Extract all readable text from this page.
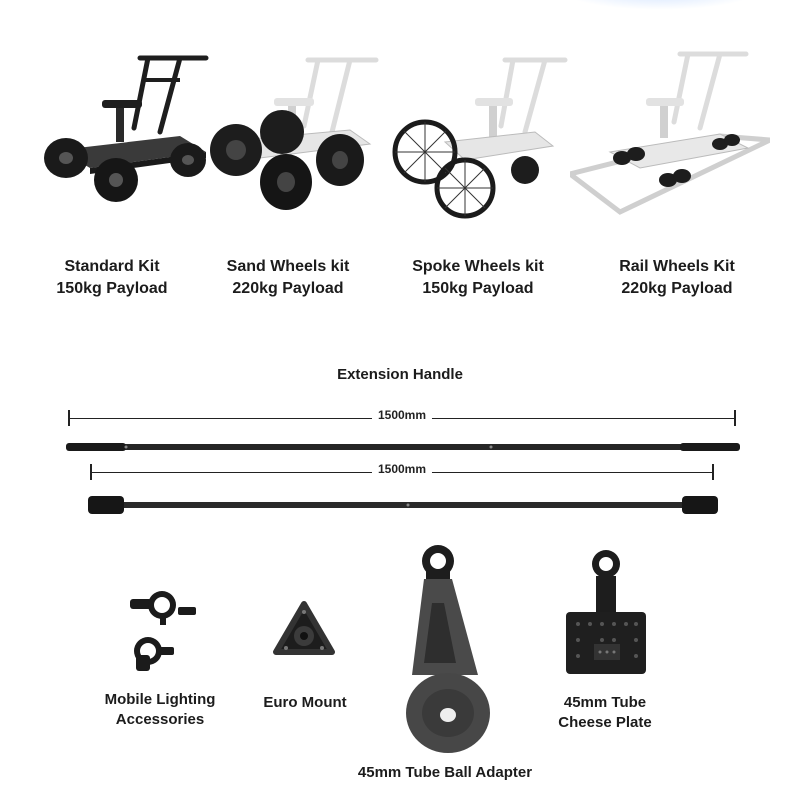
Standard Kit
150kg Payload
Sand Wheels kit
220kg Payload
Spoke Wheels kit
150kg Payload
Rail Wheels Kit
220kg Payload
Extension Handle
1500mm
1500mm
Mobile Lighting
Accessories
Euro Mount
45mm Tube Ball Adapter
45mm Tube
Cheese Plate
